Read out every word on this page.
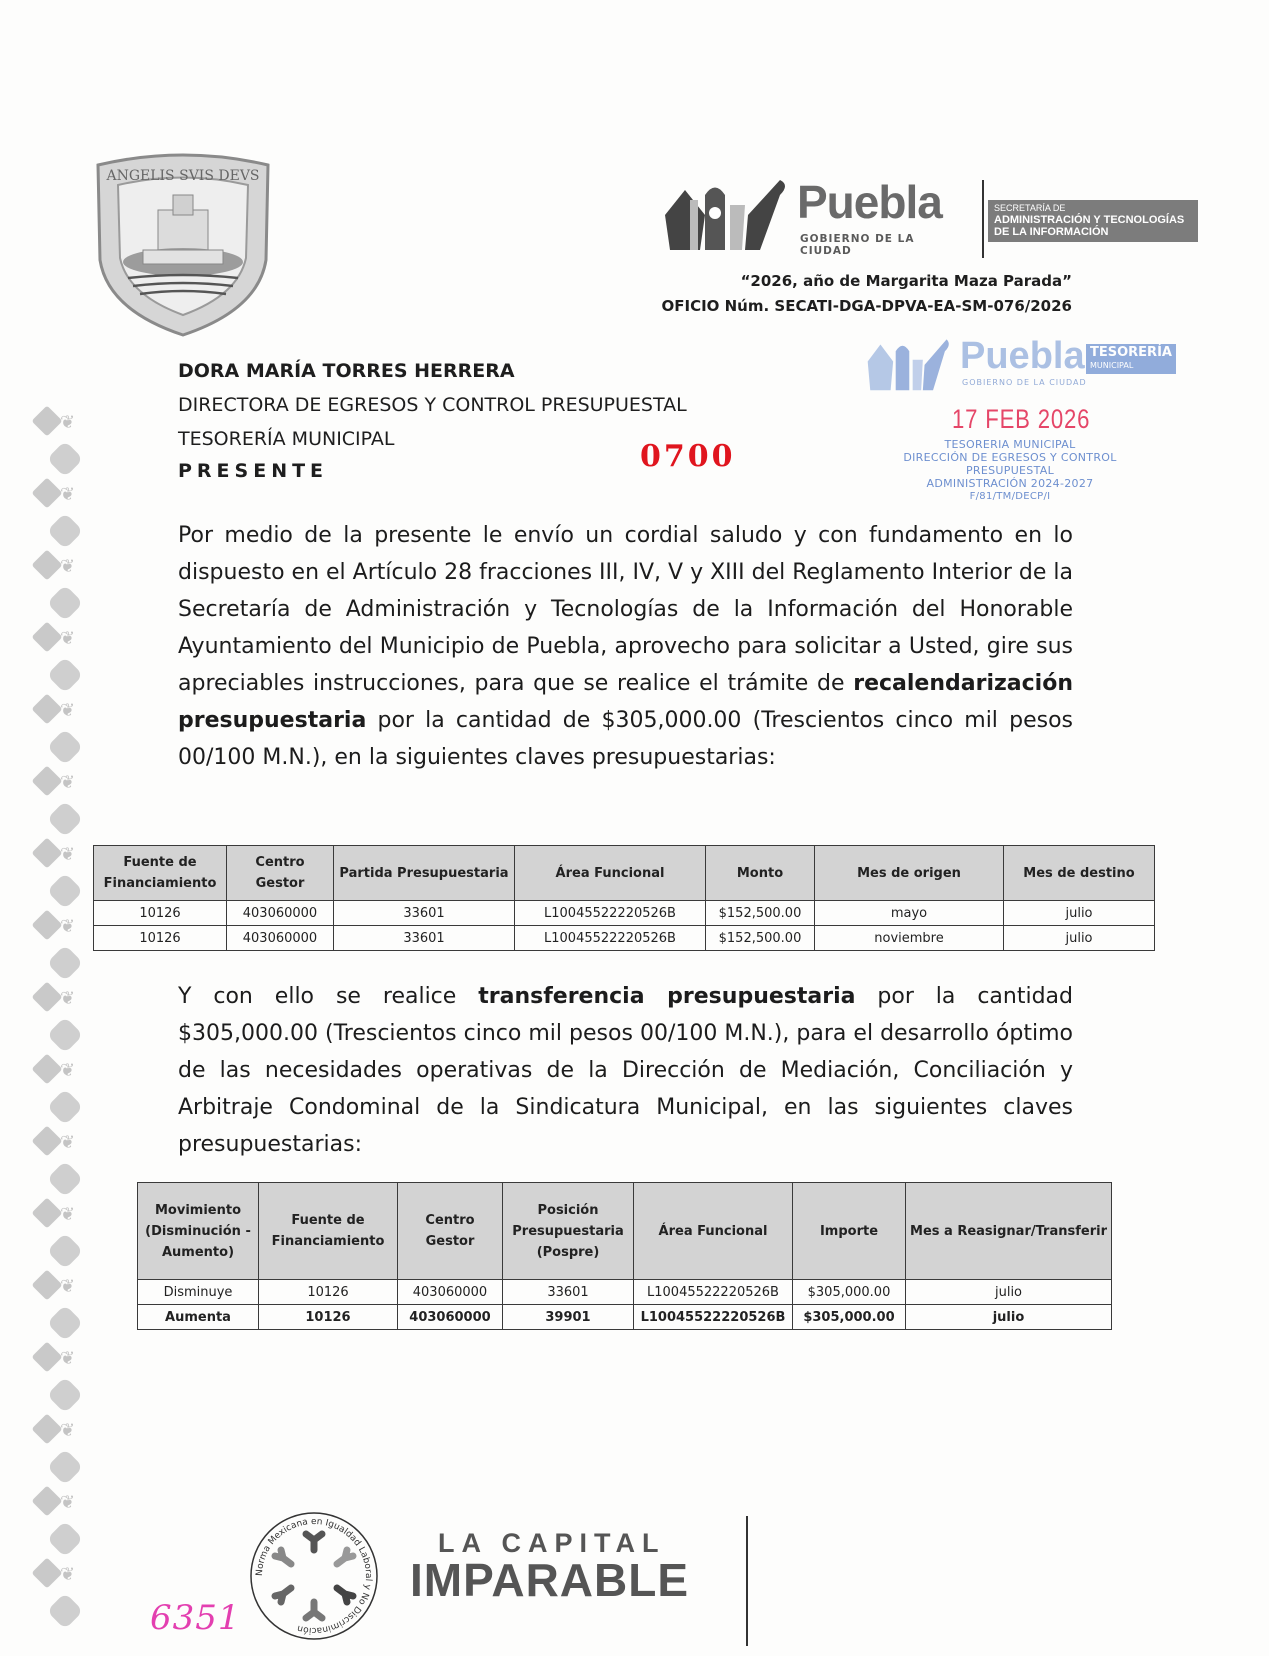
❦
❦
❦
❦
❦
❦
❦
❦
❦
❦
❦
❦
❦
❦
❦
❦
❦
ANGELIS SVIS DEVS	Puebla
GOBIERNO DE LA CIUDAD
SECRETARÍA DE
ADMINISTRACIÓN Y TECNOLOGÍAS
DE LA INFORMACIÓN
“2026, año de Margarita Maza Parada”
OFICIO Núm. SECATI-DGA-DPVA-EA-SM-076/2026
DORA MARÍA TORRES HERRERA
DIRECTORA DE EGRESOS Y CONTROL PRESUPUESTAL
TESORERÍA MUNICIPAL
PRESENTE
Puebla
GOBIERNO DE LA CIUDAD
TESORERÍA
MUNICIPAL
17 FEB 2026
0700	TESORERIA MUNICIPAL
DIRECCIÓN DE EGRESOS Y CONTROL
PRESUPUESTAL
ADMINISTRACIÓN 2024-2027
F/81/TM/DECP/I
Por medio de la presente le envío un cordial saludo y con fundamento en lo dispuesto en el Artículo 28 fracciones III, IV, V y XIII del Reglamento Interior de la Secretaría de Administración y Tecnologías de la Información del Honorable Ayuntamiento del Municipio de Puebla, aprovecho para solicitar a Usted, gire sus apreciables instrucciones, para que se realice el trámite de recalendarización presupuestaria por la cantidad de $305,000.00 (Trescientos cinco mil pesos 00/100 M.N.), en la siguientes claves presupuestarias:
Fuente de Financiamiento	Centro Gestor	Partida Presupuestaria	Área Funcional	Monto	Mes de origen	Mes de destino
10126	403060000	33601	L10045522220526B	$152,500.00	mayo	julio
10126	403060000	33601	L10045522220526B	$152,500.00	noviembre	julio
Y con ello se realice transferencia presupuestaria por la cantidad $305,000.00 (Trescientos cinco mil pesos 00/100 M.N.), para el desarrollo óptimo de las necesidades operativas de la Dirección de Mediación, Conciliación y Arbitraje Condominal de la Sindicatura Municipal, en las siguientes claves presupuestarias:
Movimiento (Disminución - Aumento)	Fuente de Financiamiento	Centro Gestor	Posición Presupuestaria (Pospre)	Área Funcional	Importe	Mes a Reasignar/Transferir
Disminuye	10126	403060000	33601	L10045522220526B	$305,000.00	julio
Aumenta	10126	403060000	39901	L10045522220526B	$305,000.00	julio
6351
Norma Mexicana en Igualdad Laboral y No Discriminación
LA CAPITAL
IMPARABLE
